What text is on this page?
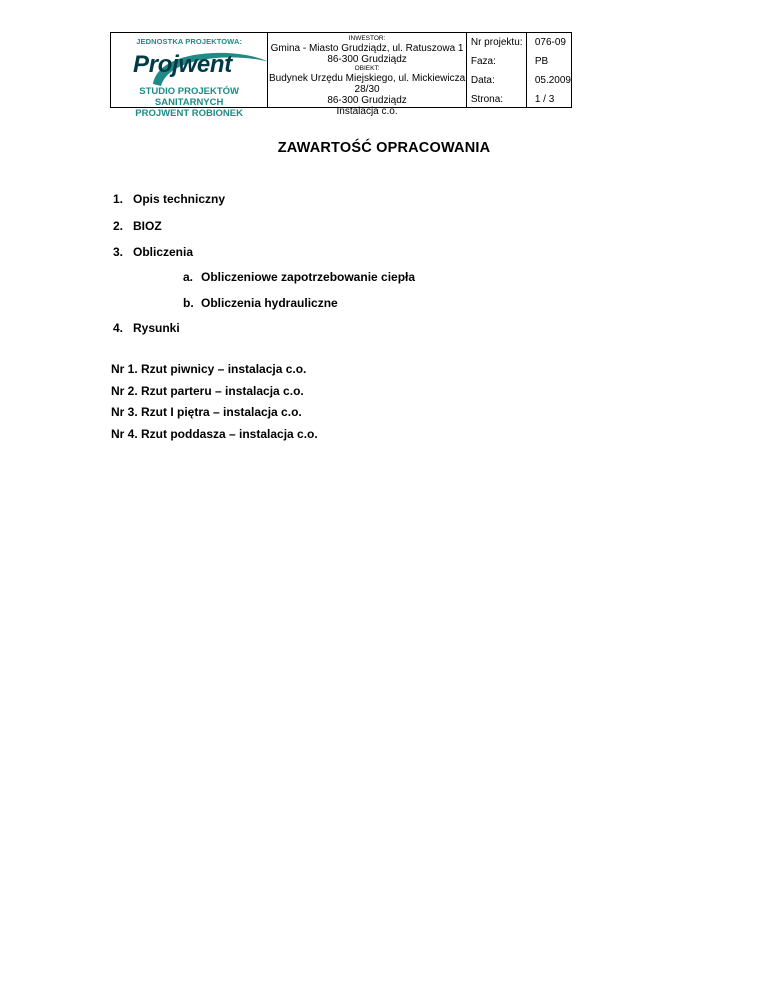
JEDNOSTKA PROJEKTOWA:
Projwent
STUDIO PROJEKTÓW SANITARNYCH
PROJWENT ROBIONEK
INWESTOR:
Gmina - Miasto Grudziądz, ul. Ratuszowa 1
86-300 Grudziądz
OBIEKT:
Budynek Urzędu Miejskiego, ul. Mickiewicza 28/30
86-300 Grudziądz
Instalacja c.o.
Nr projektu:
Faza:
Data:
Strona:
076-09
PB
05.2009
1 / 3
ZAWARTOŚĆ OPRACOWANIA
1. Opis techniczny
2. BIOZ
3. Obliczenia
a. Obliczeniowe zapotrzebowanie ciepła
b. Obliczenia hydrauliczne
4. Rysunki
Nr 1. Rzut piwnicy – instalacja c.o.
Nr 2. Rzut parteru – instalacja c.o.
Nr 3. Rzut I piętra – instalacja c.o.
Nr 4. Rzut poddasza – instalacja c.o.
